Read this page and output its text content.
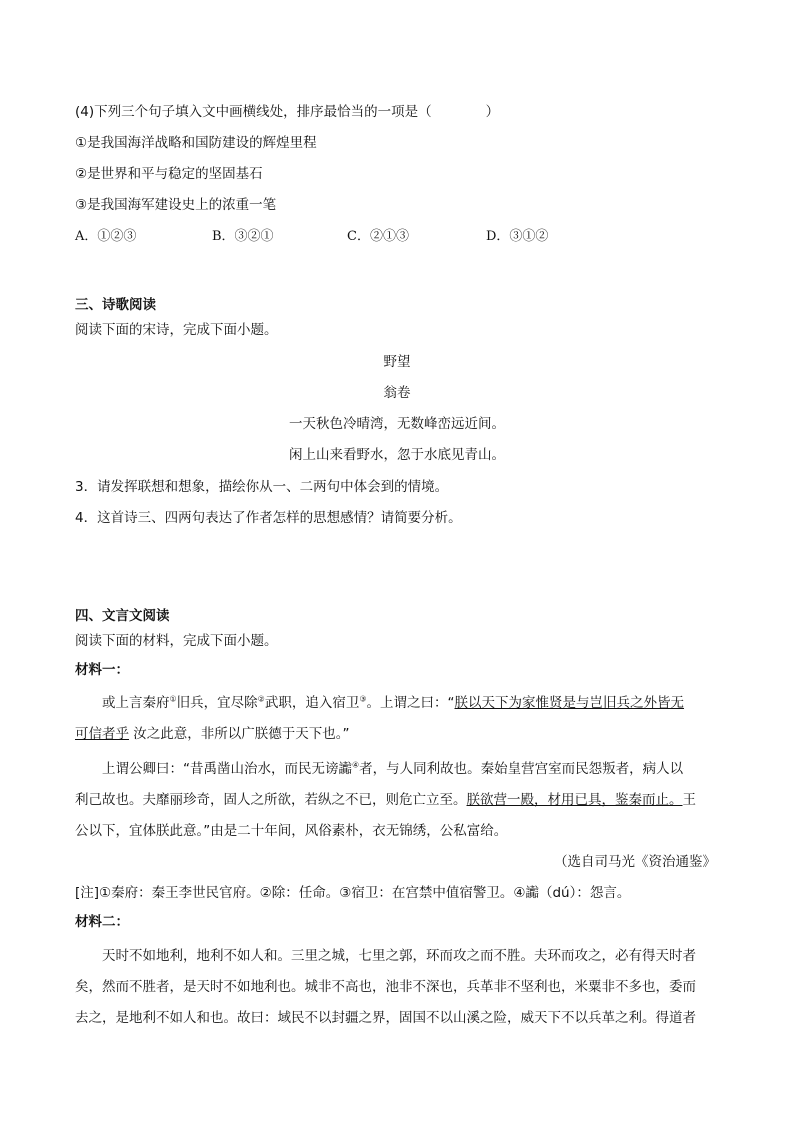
(4)下列三个句子填入文中画横线处，排序最恰当的一项是（　　　　）
①是我国海洋战略和国防建设的辉煌里程
②是世界和平与稳定的坚固基石
③是我国海军建设史上的浓重一笔
A．①②③	B．③②①	C．②①③	D．③①②
三、诗歌阅读
阅读下面的宋诗，完成下面小题。
野望
翁卷
一天秋色冷晴湾，无数峰峦远近间。
闲上山来看野水，忽于水底见青山。
3．请发挥联想和想象，描绘你从一、二两句中体会到的情境。
4．这首诗三、四两句表达了作者怎样的思想感情？请简要分析。
四、文言文阅读
阅读下面的材料，完成下面小题。
材料一：
或上言秦府①旧兵，宜尽除②武职，追入宿卫③。上谓之曰：“朕以天下为家惟贤是与岂旧兵之外皆无
可信者乎 汝之此意，非所以广朕德于天下也。”
上谓公卿曰：“昔禹凿山治水，而民无谤讟④者，与人同利故也。秦始皇营宫室而民怨叛者，病人以
利己故也。夫靡丽珍奇，固人之所欲，若纵之不已，则危亡立至。朕欲营一殿，材用已具，鉴秦而止。王
公以下，宜体朕此意。”由是二十年间，风俗素朴，衣无锦绣，公私富给。
（选自司马光《资治通鉴》
[注]①秦府：秦王李世民官府。②除：任命。③宿卫：在宫禁中值宿警卫。④讟（dú）：怨言。
材料二：
天时不如地利，地利不如人和。三里之城，七里之郭，环而攻之而不胜。夫环而攻之，必有得天时者
矣，然而不胜者，是天时不如地利也。城非不高也，池非不深也，兵革非不坚利也，米粟非不多也，委而
去之，是地利不如人和也。故曰：域民不以封疆之界，固国不以山溪之险，威天下不以兵革之利。得道者
